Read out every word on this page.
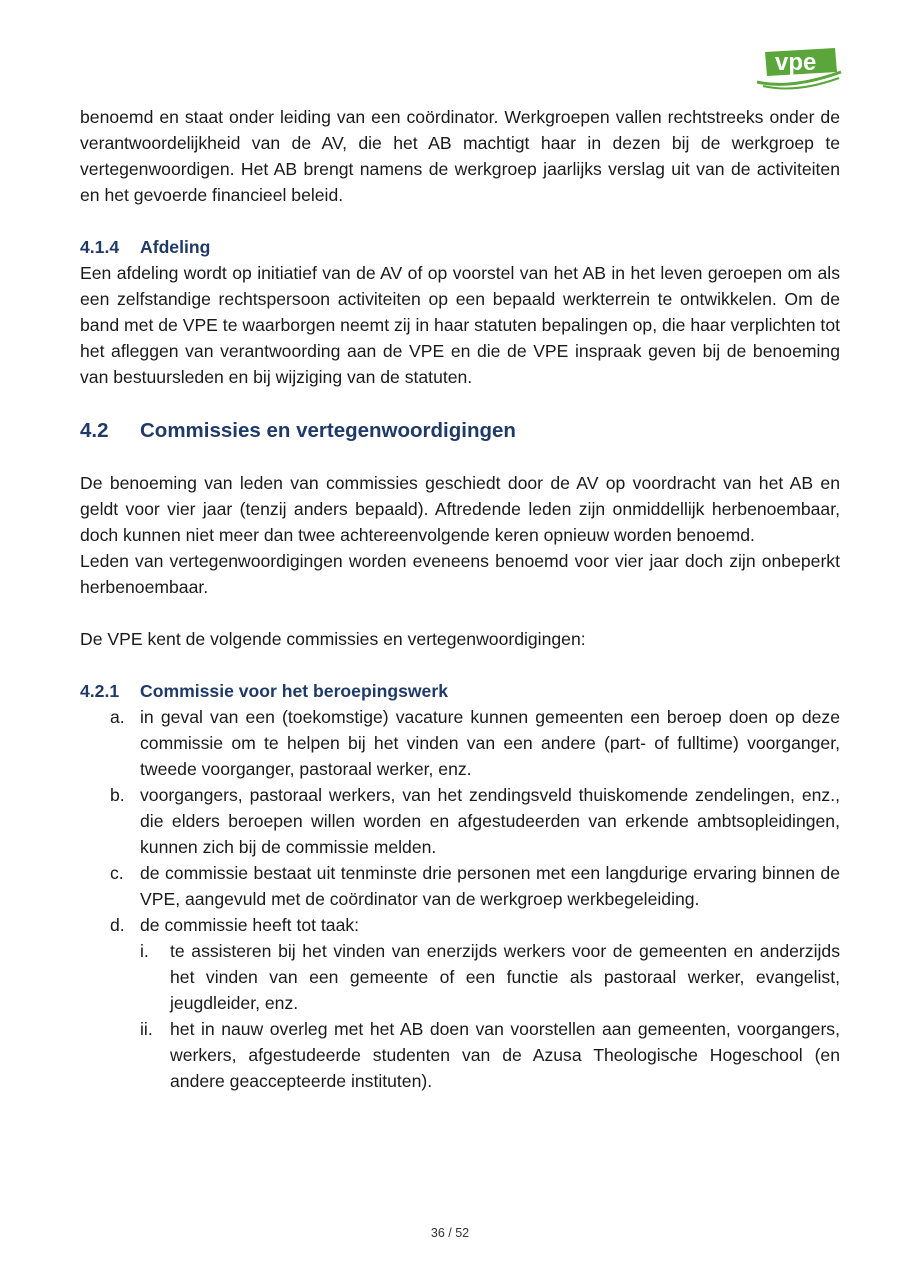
vpe

benoemd en staat onder leiding van een coördinator. Werkgroepen vallen rechtstreeks onder de verantwoordelijkheid van de AV, die het AB machtigt haar in dezen bij de werkgroep te vertegenwoordigen. Het AB brengt namens de werkgroep jaarlijks verslag uit van de activiteiten en het gevoerde financieel beleid.

4.1.4 Afdeling

Een afdeling wordt op initiatief van de AV of op voorstel van het AB in het leven geroepen om als een zelfstandige rechtspersoon activiteiten op een bepaald werkterrein te ontwikkelen. Om de band met de VPE te waarborgen neemt zij in haar statuten bepalingen op, die haar verplichten tot het afleggen van verantwoording aan de VPE en die de VPE inspraak geven bij de benoeming van bestuursleden en bij wijziging van de statuten.

4.2 Commissies en vertegenwoordigingen

De benoeming van leden van commissies geschiedt door de AV op voordracht van het AB en geldt voor vier jaar (tenzij anders bepaald). Aftredende leden zijn onmiddellijk herbenoembaar, doch kunnen niet meer dan twee achtereenvolgende keren opnieuw worden benoemd.

Leden van vertegenwoordigingen worden eveneens benoemd voor vier jaar doch zijn onbeperkt herbenoembaar.

De VPE kent de volgende commissies en vertegenwoordigingen:

4.2.1 Commissie voor het beroepingswerk

a. in geval van een (toekomstige) vacature kunnen gemeenten een beroep doen op deze commissie om te helpen bij het vinden van een andere (part- of fulltime) voorganger, tweede voorganger, pastoraal werker, enz.
b. voorgangers, pastoraal werkers, van het zendingsveld thuiskomende zendelingen, enz., die elders beroepen willen worden en afgestudeerden van erkende ambtsopleidingen, kunnen zich bij de commissie melden.
c. de commissie bestaat uit tenminste drie personen met een langdurige ervaring binnen de VPE, aangevuld met de coördinator van de werkgroep werkbegeleiding.
d. de commissie heeft tot taak:
i.	te assisteren bij het vinden van enerzijds werkers voor de gemeenten en anderzijds het vinden van een gemeente of een functie als pastoraal werker, evangelist, jeugdleider, enz.
ii. het in nauw overleg met het AB doen van voorstellen aan gemeenten, voorgangers, werkers, afgestudeerde studenten van de Azusa Theologische Hogeschool (en andere geaccepteerde instituten).
36 / 52
